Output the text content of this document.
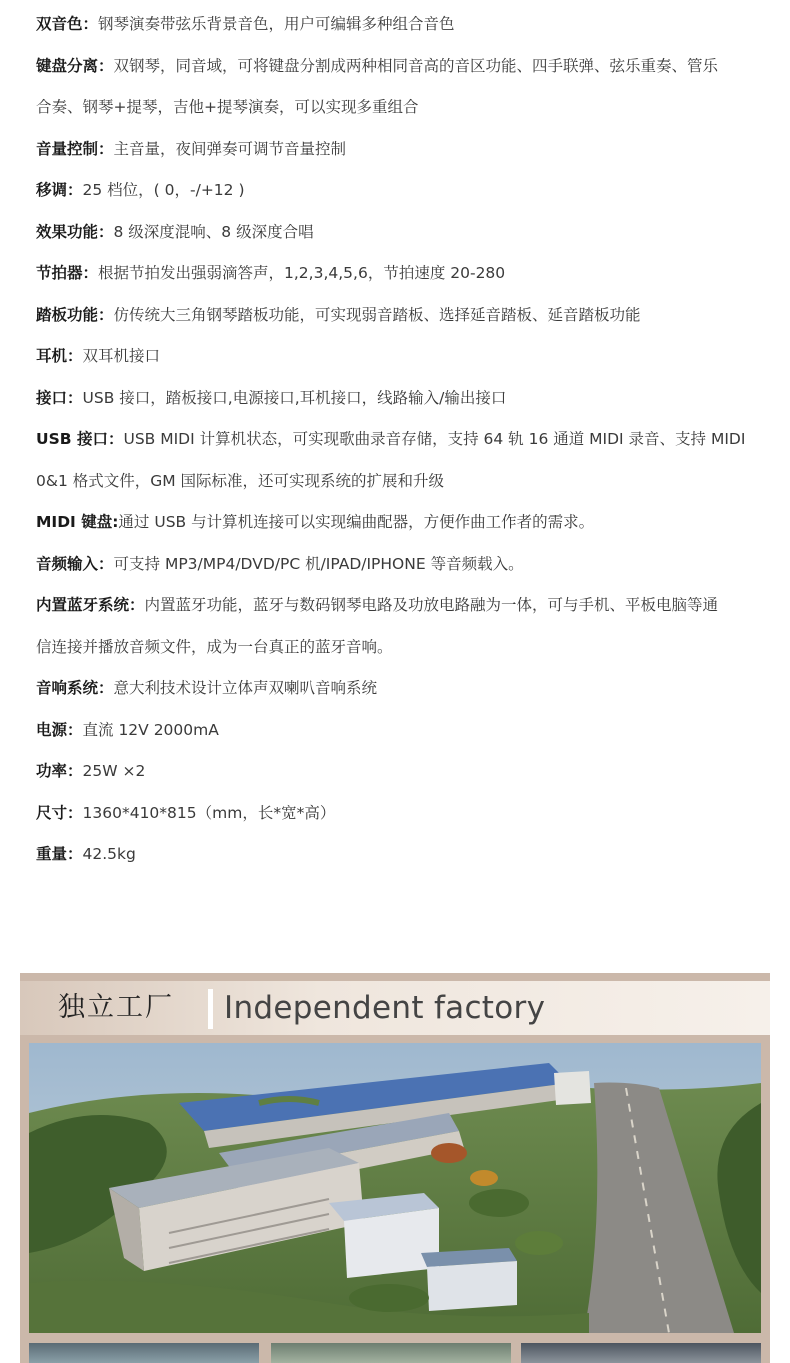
双音色：钢琴演奏带弦乐背景音色，用户可编辑多种组合音色
键盘分离：双钢琴，同音域，可将键盘分割成两种相同音高的音区功能、四手联弹、弦乐重奏、管乐
合奏、钢琴+提琴，吉他+提琴演奏，可以实现多重组合
音量控制：主音量，夜间弹奏可调节音量控制
移调：25 档位，( 0，-/+12 )
效果功能：8 级深度混响、8 级深度合唱
节拍器：根据节拍发出强弱滴答声，1,2,3,4,5,6，节拍速度 20-280
踏板功能：仿传统大三角钢琴踏板功能，可实现弱音踏板、选择延音踏板、延音踏板功能
耳机：双耳机接口
接口：USB 接口，踏板接口,电源接口,耳机接口，线路输入/输出接口
USB 接口：USB MIDI 计算机状态，可实现歌曲录音存储，支持 64 轨 16 通道 MIDI 录音、支持 MIDI
0&1 格式文件，GM 国际标准，还可实现系统的扩展和升级
MIDI 键盘:通过 USB 与计算机连接可以实现编曲配器，方便作曲工作者的需求。
音频输入：可支持 MP3/MP4/DVD/PC 机/IPAD/IPHONE 等音频载入。
内置蓝牙系统：内置蓝牙功能，蓝牙与数码钢琴电路及功放电路融为一体，可与手机、平板电脑等通
信连接并播放音频文件，成为一台真正的蓝牙音响。
音响系统：意大利技术设计立体声双喇叭音响系统
电源：直流 12V 2000mA
功率：25W ×2
尺寸：1360*410*815（mm，长*宽*高）
重量：42.5kg
独立工厂 Independent factory
